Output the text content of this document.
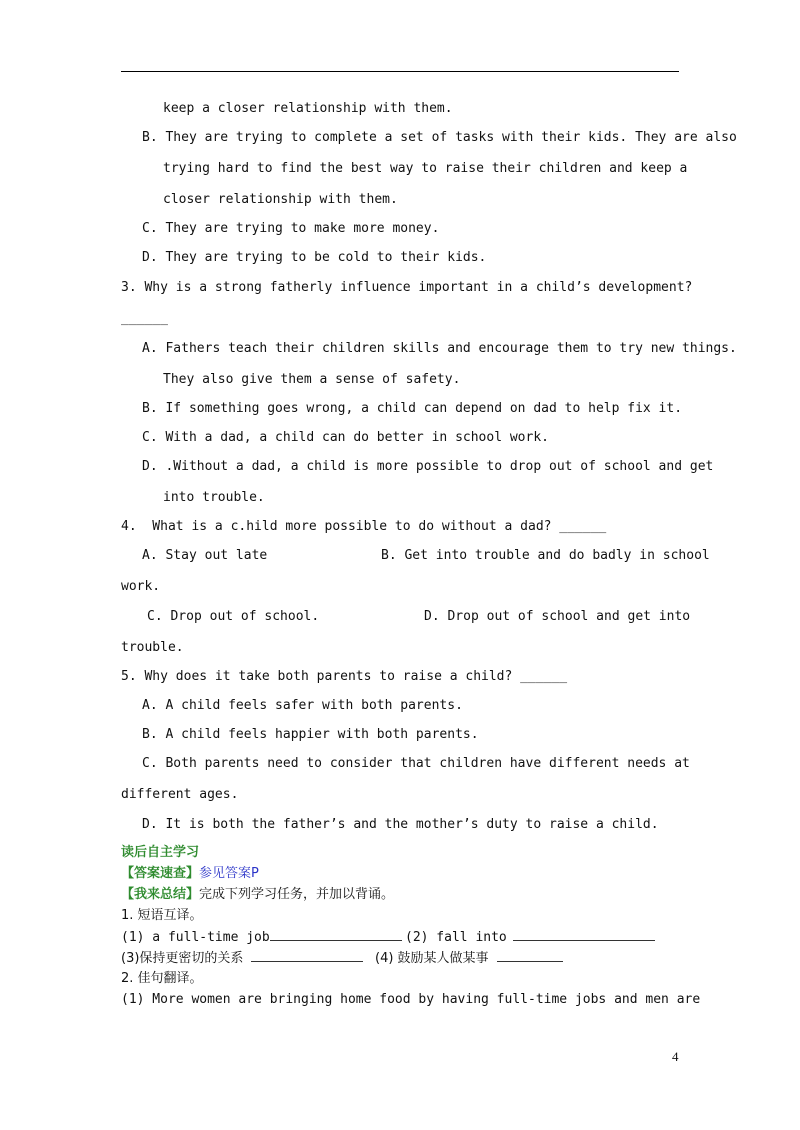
keep a closer relationship with them.
B. They are trying to complete a set of tasks with their kids. They are also
trying hard to find the best way to raise their children and keep a
closer relationship with them.
C. They are trying to make more money.
D. They are trying to be cold to their kids.
3. Why is a strong fatherly influence important in a child’s development?
______
A. Fathers teach their children skills and encourage them to try new things.
They also give them a sense of safety.
B. If something goes wrong, a child can depend on dad to help fix it.
C. With a dad, a child can do better in school work.
D. .Without a dad, a child is more possible to drop out of school and get
into trouble.
4.  What is a c.hild more possible to do without a dad? ______
A. Stay out late	B. Get into trouble and do badly in school
work.
C. Drop out of school.	D. Drop out of school and get into
trouble.
5. Why does it take both parents to raise a child? ______
A. A child feels safer with both parents.
B. A child feels happier with both parents.
C. Both parents need to consider that children have different needs at
different ages.
D. It is both the father’s and the mother’s duty to raise a child.
读后自主学习
【答案速查】参见答案P
【我来总结】完成下列学习任务，并加以背诵。
1. 短语互译。
(1) a full-time job	(2) fall into
(3)保持更密切的关系	(4) 鼓励某人做某事
2. 佳句翻译。
(1) More women are bringing home food by having full-time jobs and men are
4
